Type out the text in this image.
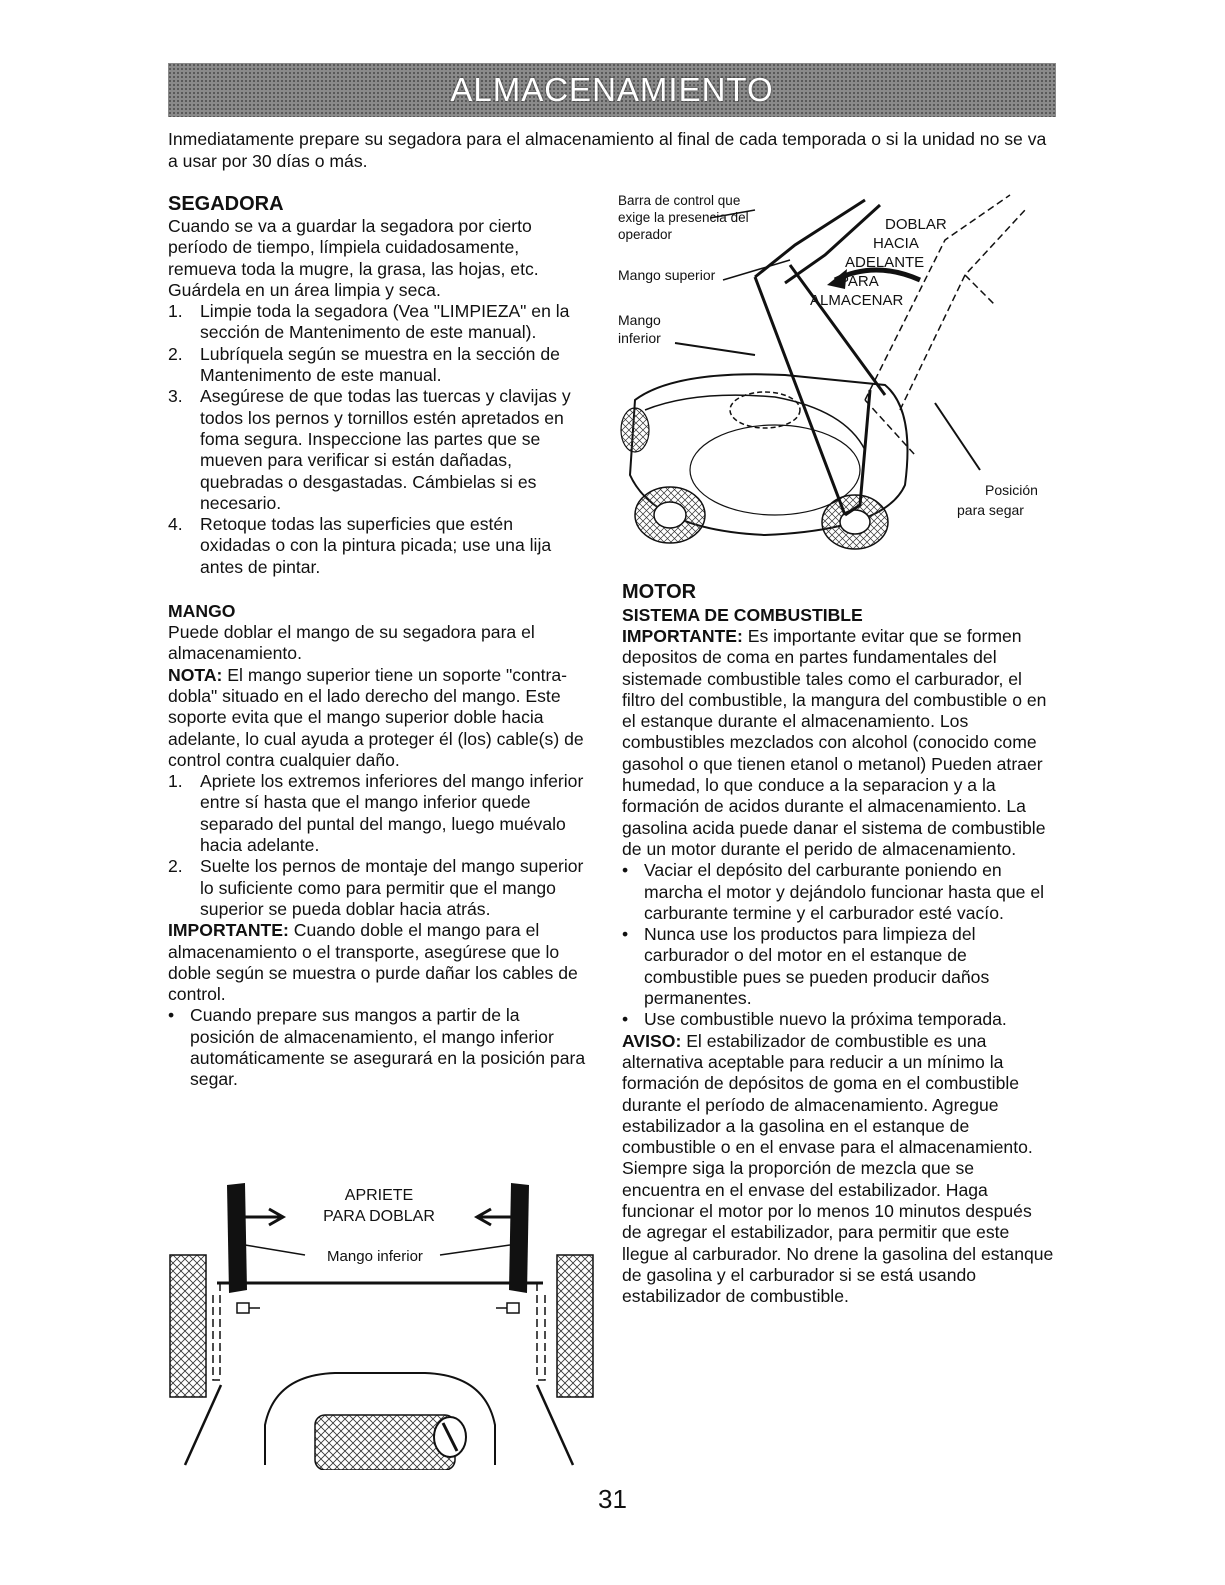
ALMACENAMIENTO

Inmediatamente prepare su segadora para el almacenamiento al final de cada temporada o si la unidad no se va a usar por 30 días o más.

SEGADORA

Cuando se va a guardar la segadora por cierto período de tiempo, límpiela cuidadosamente, remueva toda la mugre, la grasa, las hojas, etc. Guárdela en un área limpia y seca.

1. Limpie toda la segadora (Vea "LIMPIEZA" en la sección de Mantenimento de este manual).
2. Lubríquela según se muestra en la sección de Mantenimento de este manual.
3. Asegúrese de que todas las tuercas y clavijas y todos los pernos y tornillos estén apretados en foma segura. Inspeccione las partes que se mueven para verificar si están dañadas, quebradas o desgastadas. Cámbielas si es necesario.
4. Retoque todas las superficies que estén oxidadas o con la pintura picada; use una lija antes de pintar.
MANGO

Puede doblar el mango de su segadora para el almacenamiento.

NOTA: El mango superior tiene un soporte "contra-dobla" situado en el lado derecho del mango. Este soporte evita que el mango superior doble hacia adelante, lo cual ayuda a proteger él (los) cable(s) de control contra cualquier daño.

1. Apriete los extremos inferiores del mango inferior entre sí hasta que el mango inferior quede separado del puntal del mango, luego muévalo hacia adelante.
2. Suelte los pernos de montaje del mango superior lo suficiente como para permitir que el mango superior se pueda doblar hacia atrás.

IMPORTANTE: Cuando doble el mango para el almacenamiento o el transporte, asegúrese que lo doble según se muestra o purde dañar los cables de control.

• Cuando prepare sus mangos a partir de la posición de almacenamiento, el mango inferior automáticamente se asegurará en la posición para segar.
APRIETE
PARA DOBLAR
Mango inferior
Barra de control que
exige la presencia del
operador
Mango superior
Mango
inferior
DOBLAR
HACIA
ADELANTE
PARA
ALMACENAR
Posición
para segar
MOTOR
SISTEMA DE COMBUSTIBLE

IMPORTANTE: Es importante evitar que se formen depositos de coma en partes fundamentales del sistemade combustible tales como el carburador, el filtro del combustible, la mangura del combustible o en el estanque durante el almacenamiento. Los combustibles mezclados con alcohol (conocido come gasohol o que tienen etanol o metanol) Pueden atraer humedad, lo que conduce a la separacion y a la formación de acidos durante el almacenamiento. La gasolina acida puede danar el sistema de combustible de un motor durante el perido de almacenamiento.

• Vaciar el depósito del carburante poniendo en marcha el motor y dejándolo funcionar hasta que el carburante termine y el carburador esté vacío.
• Nunca use los productos para limpieza del carburador o del motor en el estanque de combustible pues se pueden producir daños permanentes.
• Use combustible nuevo la próxima temporada.

AVISO: El estabilizador de combustible es una alternativa aceptable para reducir a un mínimo la formación de depósitos de goma en el combustible durante el período de almacenamiento. Agregue estabilizador a la gasolina en el estanque de combustible o en el envase para el almacenamiento. Siempre siga la proporción de mezcla que se encuentra en el envase del estabilizador. Haga funcionar el motor por lo menos 10 minutos después de agregar el estabilizador, para permitir que este llegue al carburador. No drene la gasolina del estanque de gasolina y el carburador si se está usando estabilizador de combustible.

31
